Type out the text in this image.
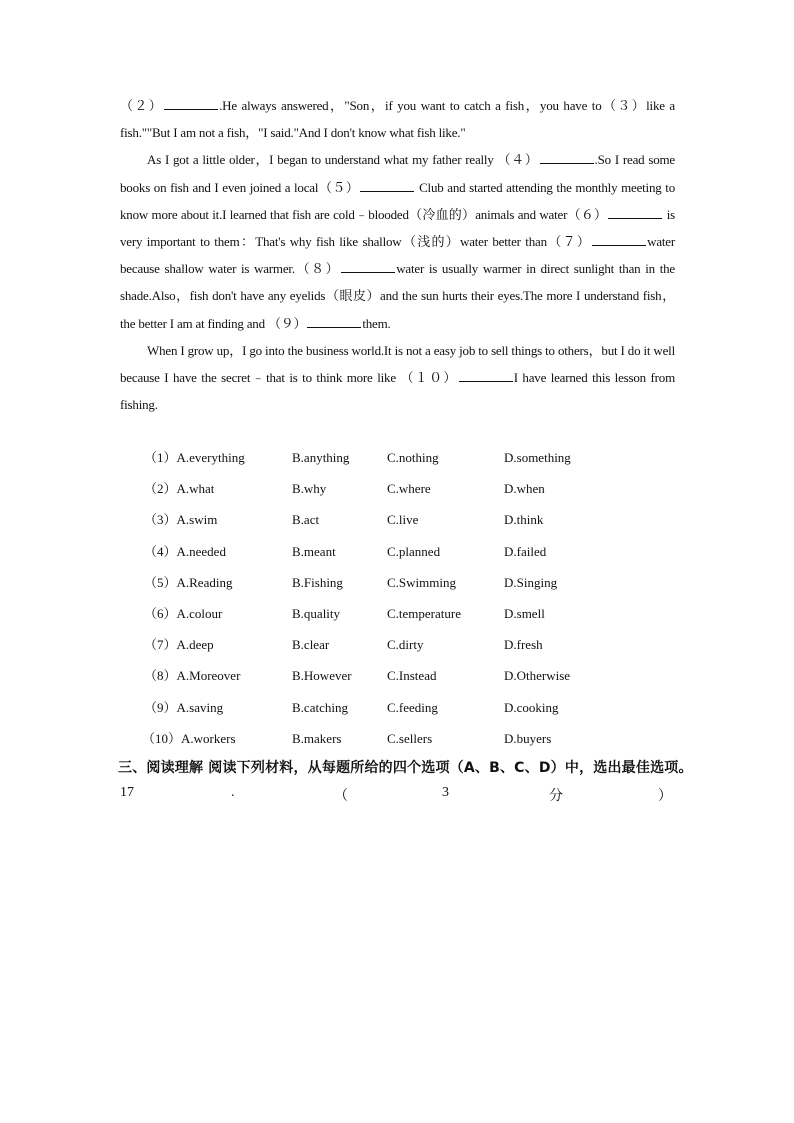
（２）	.He always answered，"Son，if you want to catch a fish，you have to（３）like a fish.""But I am not a fish，"I said."And I don't know what fish like."

As I got a little older，I began to understand what my father really （４）	.So I read some books on fish and I even joined a local（５）	Club and started attending the monthly meeting to know more about it.I learned that fish are cold﹣blooded（冷血的）animals and water（６）	is very important to them：That's why fish like shallow（浅的）water better than（７）	water because shallow water is warmer.（８）	water is usually warmer in direct sunlight than in the shade.Also，fish don't have any eyelids（眼皮）and the sun hurts their eyes.The more I understand fish，the better I am at finding and （９）	them.

When I grow up，I go into the business world.It is not a easy job to sell things to others，but I do it well because I have the secret﹣that is to think more like （１０）	I have learned this lesson from fishing.

（1）A.everything	B.anything	C.nothing	D.something
（2）A.what	B.why	C.where	D.when
（3）A.swim	B.act	C.live	D.think
（4）A.needed	B.meant	C.planned	D.failed
（5）A.Reading	B.Fishing	C.Swimming	D.Singing
（6）A.colour	B.quality	C.temperature	D.smell
（7）A.deep	B.clear	C.dirty	D.fresh
（8）A.Moreover	B.However	C.Instead	D.Otherwise
（9）A.saving	B.catching	C.feeding	D.cooking
（10）A.workers	B.makers	C.sellers	D.buyers
三、阅读理解 阅读下列材料，从每题所给的四个选项（A、B、C、D）中，选出最佳选项。
17	.	（	3	分	）
